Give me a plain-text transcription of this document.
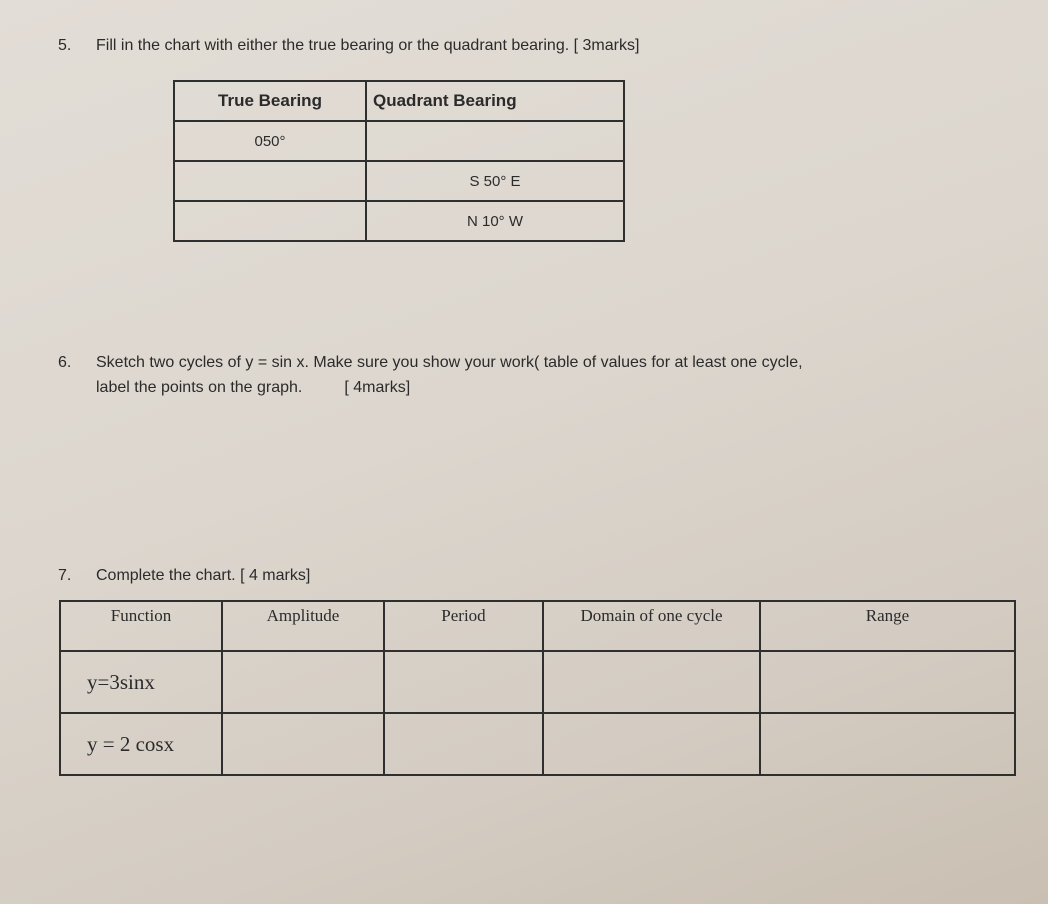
5. Fill in the chart with either the true bearing or the quadrant bearing. [ 3marks]
True Bearing	Quadrant Bearing
050°	
	S 50° E
	N 10° W
6. Sketch two cycles of y = sin x. Make sure you show your work( table of values for at least one cycle,
label the points on the graph.	[ 4marks]
7. Complete the chart. [ 4 marks]
Function	Amplitude	Period	Domain of one cycle	Range
y=3sinx				
y = 2 cosx				
